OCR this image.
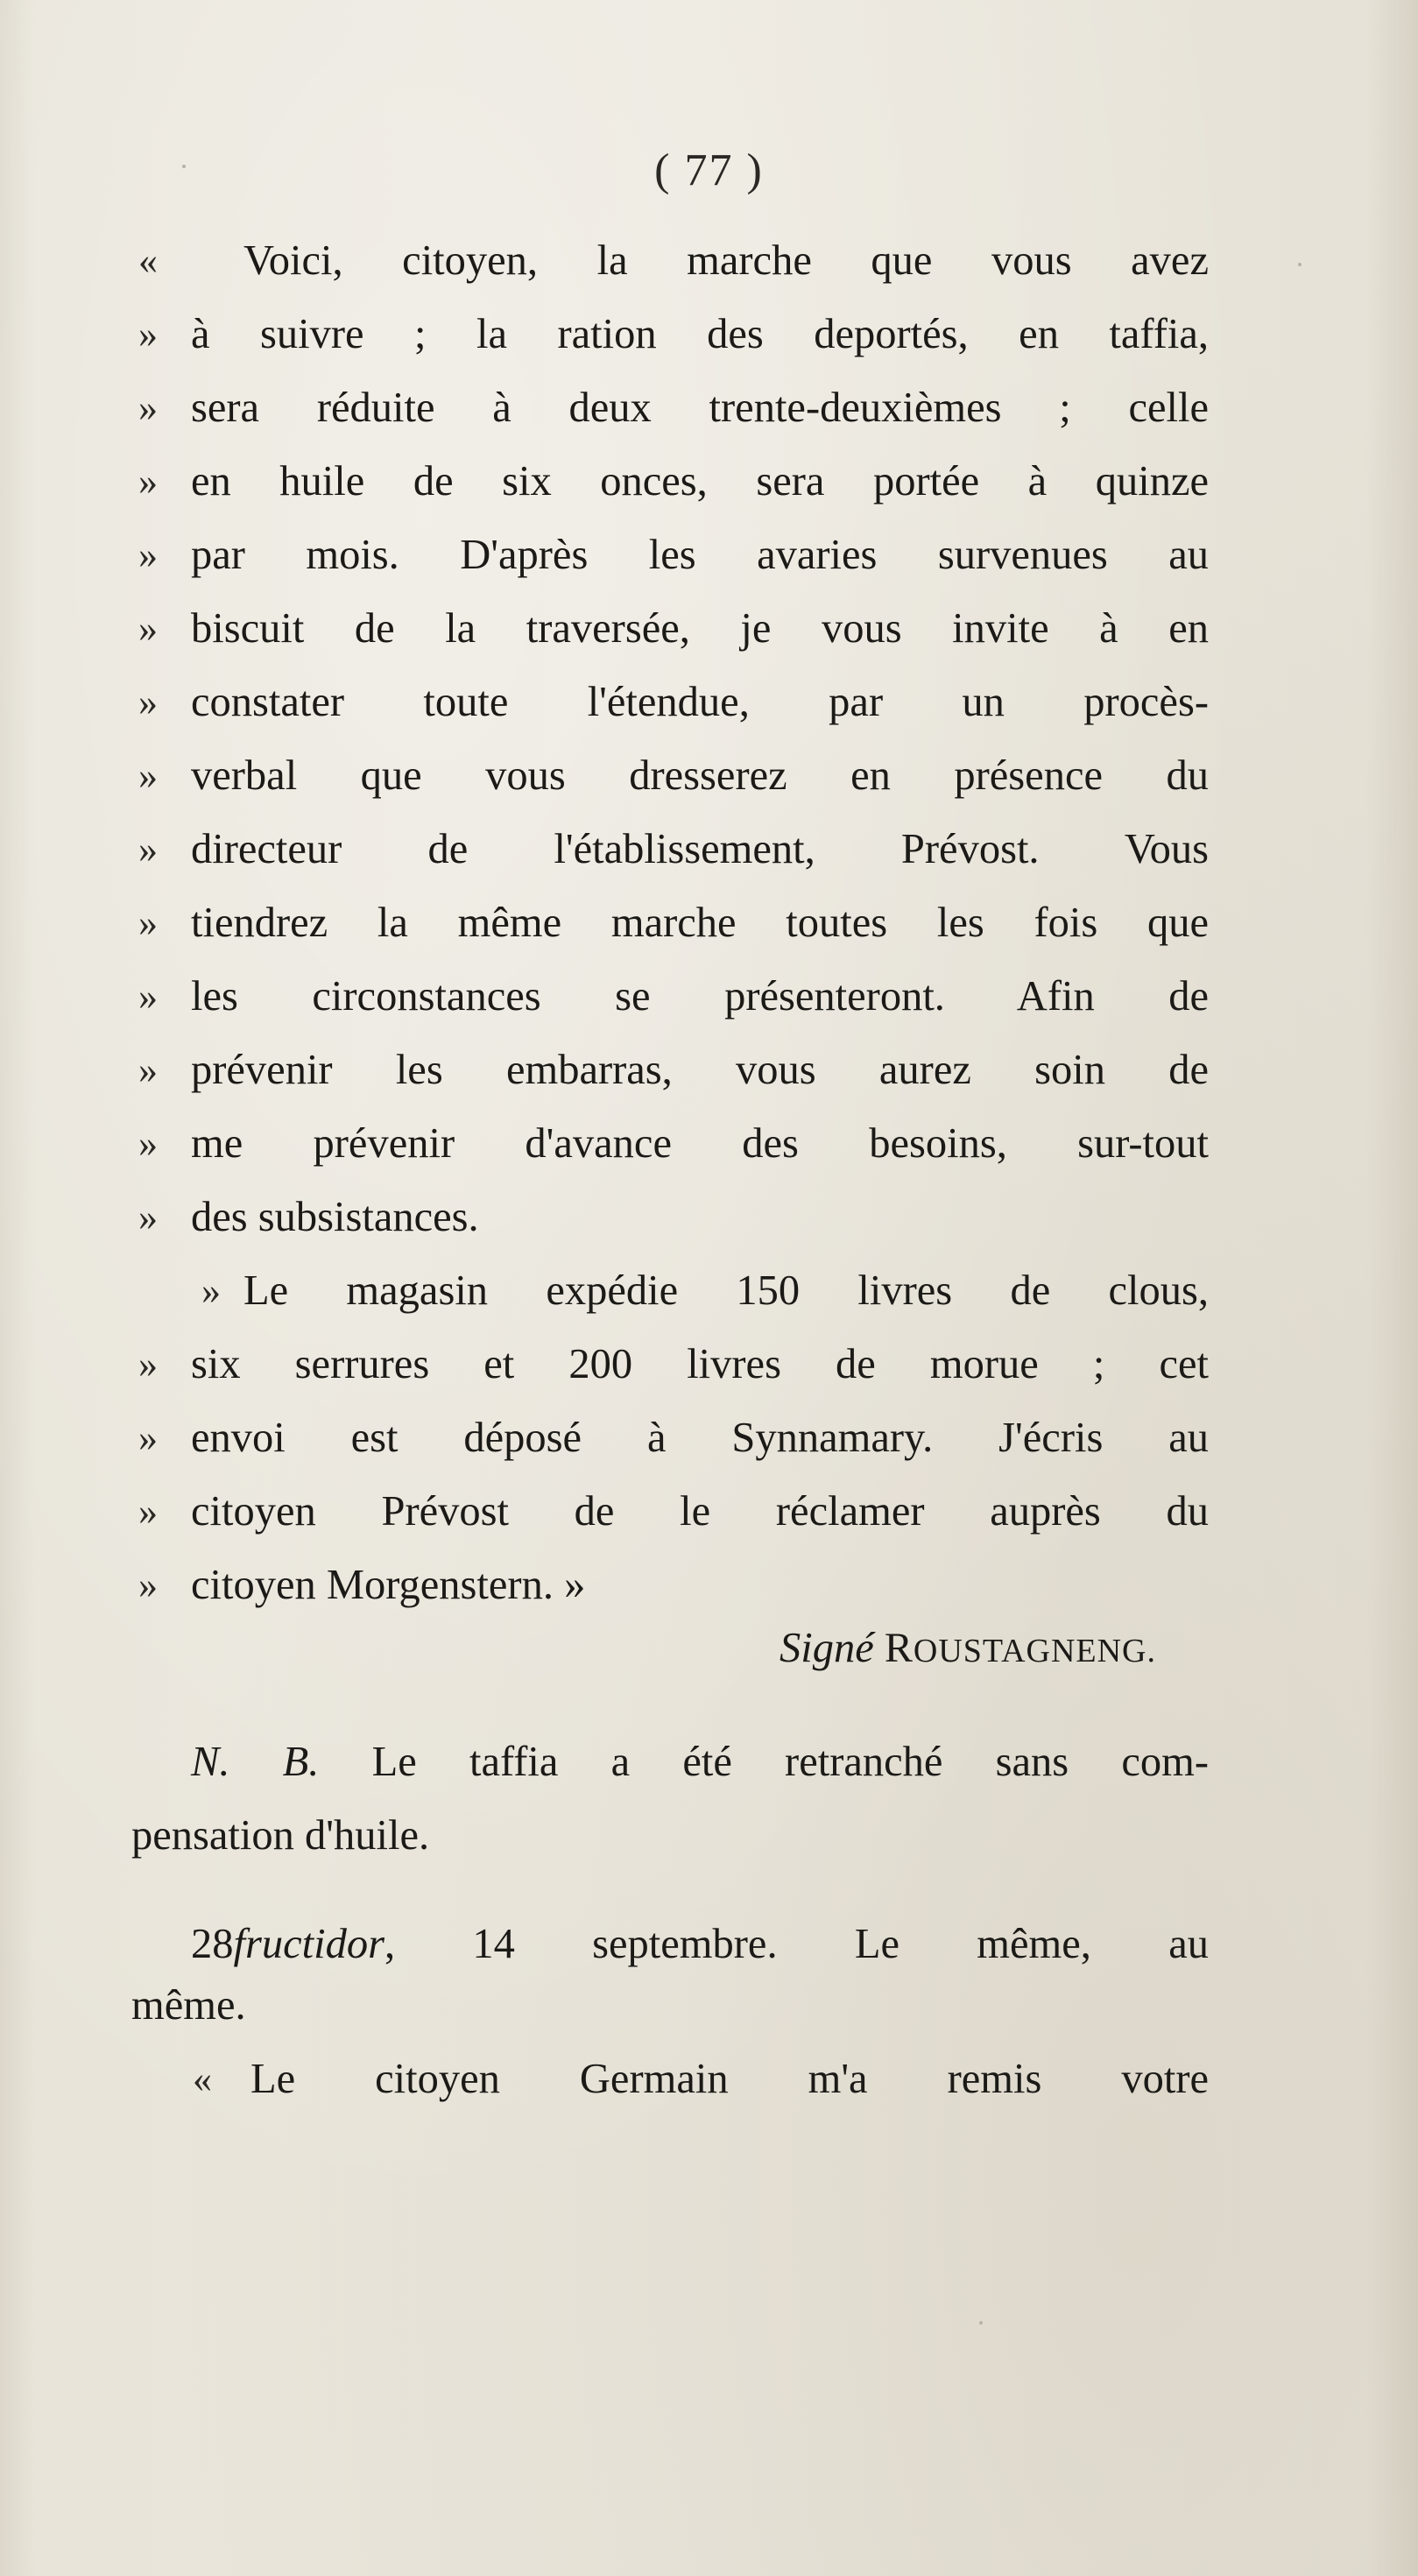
( 77 )
«
»
»
»
»
»
»
»
»
»
»
»
»
»
»
»
»
»
»
Voici, citoyen, la marche que vous avez
à suivre ; la ration des deportés, en taffia,
sera réduite à deux trente-deuxièmes ; celle
en huile de six onces, sera portée à quinze
par mois. D'après les avaries survenues au
biscuit de la traversée, je vous invite à en
constater toute l'étendue, par un procès-
verbal que vous dresserez en présence du
directeur de l'établissement, Prévost. Vous
tiendrez la même marche toutes les fois que
les circonstances se présenteront. Afin de
prévenir les embarras, vous aurez soin de
me prévenir d'avance des besoins, sur-tout
des subsistances.
Le magasin expédie 150 livres de clous,
six serrures et 200 livres de morue ; cet
envoi est déposé à Synnamary. J'écris au
citoyen Prévost de le réclamer auprès du
citoyen Morgenstern. »
Signé ROUSTAGNENG.
N. B. Le taffia a été retranché sans com-
pensation d'huile.
28fructidor, 14 septembre. Le même, au
même.
« Le citoyen Germain m'a remis votre
